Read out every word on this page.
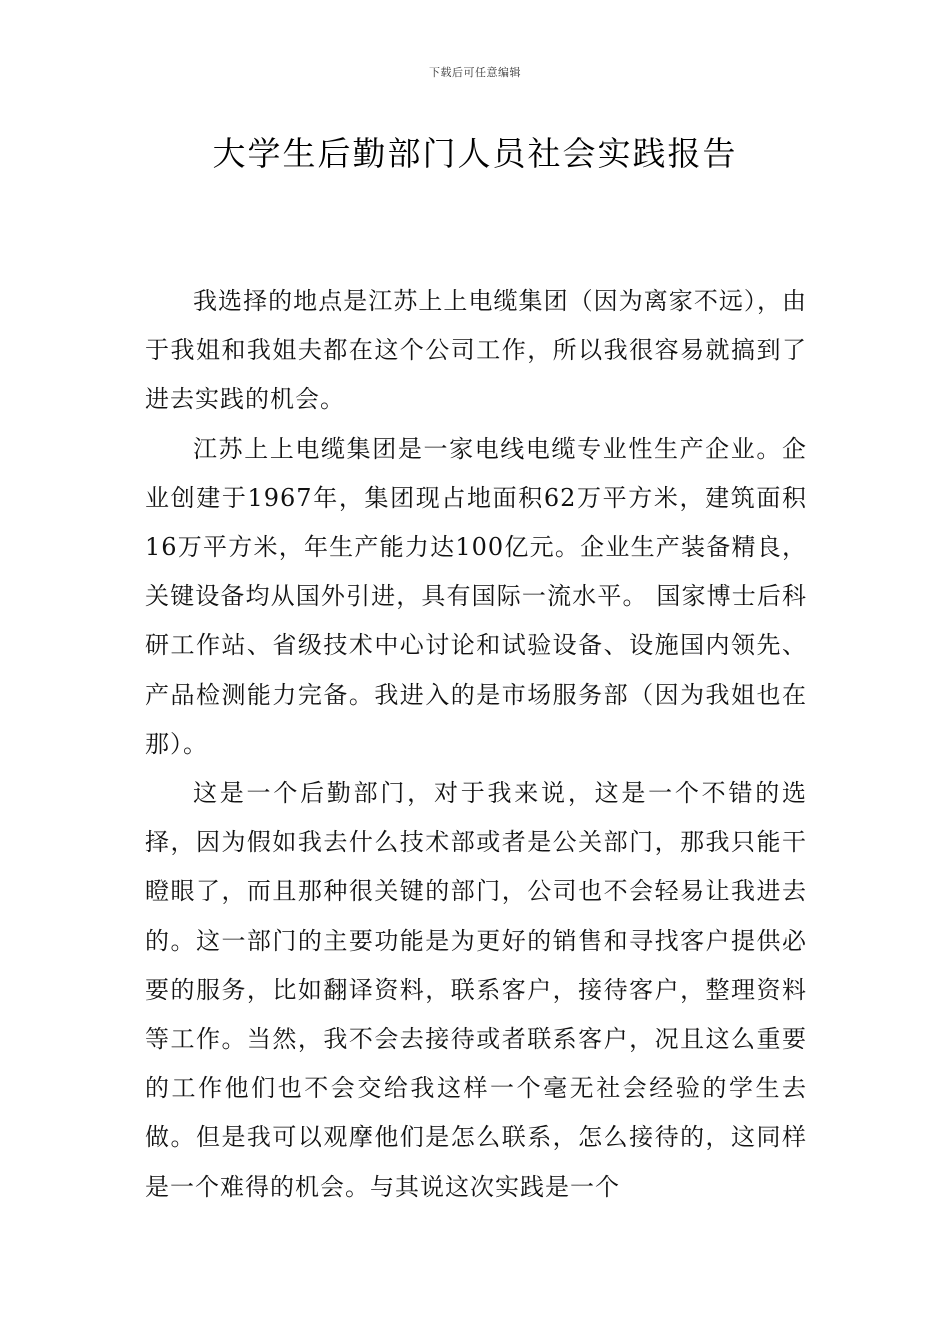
下载后可任意编辑
大学生后勤部门人员社会实践报告

我选择的地点是江苏上上电缆集团（因为离家不远），由于我姐和我姐夫都在这个公司工作，所以我很容易就搞到了进去实践的机会。

江苏上上电缆集团是一家电线电缆专业性生产企业。企业创建于1967年，集团现占地面积62万平方米，建筑面积16万平方米，年生产能力达100亿元。企业生产装备精良，关键设备均从国外引进，具有国际一流水平。 国家博士后科研工作站、省级技术中心讨论和试验设备、设施国内领先、产品检测能力完备。我进入的是市场服务部（因为我姐也在那）。

这是一个后勤部门，对于我来说，这是一个不错的选择，因为假如我去什么技术部或者是公关部门，那我只能干瞪眼了，而且那种很关键的部门，公司也不会轻易让我进去的。这一部门的主要功能是为更好的销售和寻找客户提供必要的服务，比如翻译资料，联系客户，接待客户，整理资料等工作。当然，我不会去接待或者联系客户，况且这么重要的工作他们也不会交给我这样一个毫无社会经验的学生去做。但是我可以观摩他们是怎么联系，怎么接待的，这同样是一个难得的机会。与其说这次实践是一个
